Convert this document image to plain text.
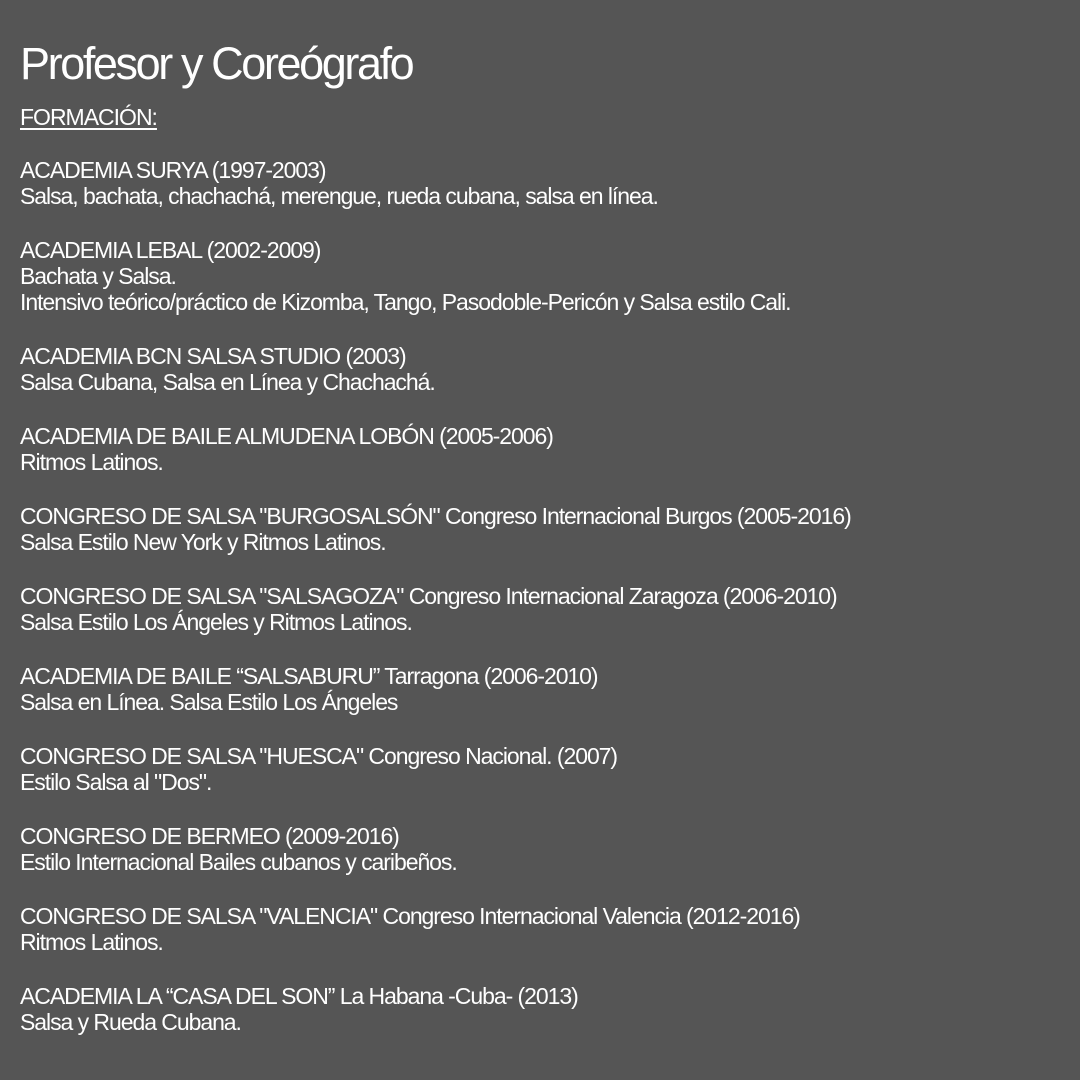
Profesor y Coreógrafo
FORMACIÓN:
ACADEMIA SURYA (1997-2003)
Salsa, bachata, chachachá, merengue, rueda cubana, salsa en línea.
ACADEMIA LEBAL (2002-2009)
Bachata y Salsa.
Intensivo teórico/práctico de Kizomba, Tango, Pasodoble-Pericón y Salsa estilo Cali.
ACADEMIA BCN SALSA STUDIO (2003)
Salsa Cubana, Salsa en Línea y Chachachá.
ACADEMIA DE BAILE ALMUDENA LOBÓN (2005-2006)
Ritmos Latinos.
CONGRESO DE SALSA "BURGOSALSÓN" Congreso Internacional Burgos (2005-2016)
Salsa Estilo New York y Ritmos Latinos.
CONGRESO DE SALSA "SALSAGOZA" Congreso Internacional Zaragoza (2006-2010)
Salsa Estilo Los Ángeles y Ritmos Latinos.
ACADEMIA DE BAILE “SALSABURU” Tarragona (2006-2010)
Salsa en Línea. Salsa Estilo Los Ángeles
CONGRESO DE SALSA "HUESCA" Congreso Nacional. (2007)
Estilo Salsa al "Dos".
CONGRESO DE BERMEO (2009-2016)
Estilo Internacional Bailes cubanos y caribeños.
CONGRESO DE SALSA "VALENCIA" Congreso Internacional Valencia (2012-2016)
Ritmos Latinos.
ACADEMIA LA “CASA DEL SON” La Habana -Cuba- (2013)
Salsa y Rueda Cubana.
